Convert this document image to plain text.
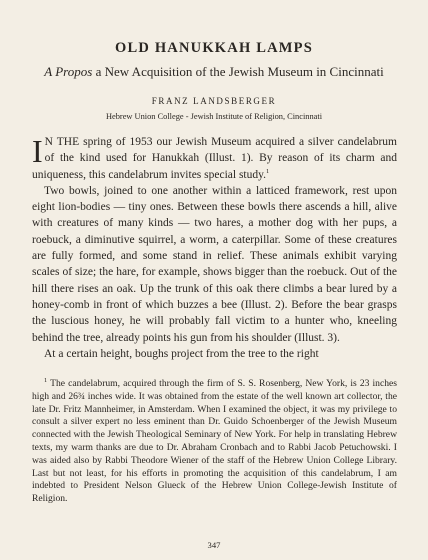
OLD HANUKKAH LAMPS

A Propos a New Acquisition of the Jewish Museum in Cincinnati

FRANZ LANDSBERGER

Hebrew Union College - Jewish Institute of Religion, Cincinnati

I N THE spring of 1953 our Jewish Museum acquired a silver candelabrum of the kind used for Hanukkah (Illust. 1). By reason of its charm and uniqueness, this candelabrum invites special study.$^1$

Two bowls, joined to one another within a latticed framework, rest upon eight lion-bodies — tiny ones. Between these bowls there ascends a hill, alive with creatures of many kinds — two hares, a mother dog with her pups, a roebuck, a diminutive squirrel, a worm, a caterpillar. Some of these creatures are fully formed, and some stand in relief. These animals exhibit varying scales of size; the hare, for example, shows bigger than the roebuck. Out of the hill there rises an oak. Up the trunk of this oak there climbs a bear lured by a honey-comb in front of which buzzes a bee (Illust. 2). Before the bear grasps the luscious honey, he will probably fall victim to a hunter who, kneeling behind the tree, already points his gun from his shoulder (Illust. 3).

At a certain height, boughs project from the tree to the right

$^1$ The candelabrum, acquired through the firm of S. S. Rosenberg, New York, is 23 inches high and 26¾ inches wide. It was obtained from the estate of the well known art collector, the late Dr. Fritz Mannheimer, in Amsterdam. When I examined the object, it was my privilege to consult a silver expert no less eminent than Dr. Guido Schoenberger of the Jewish Museum connected with the Jewish Theological Seminary of New York. For help in translating Hebrew texts, my warm thanks are due to Dr. Abraham Cronbach and to Rabbi Jacob Petuchowski. I was aided also by Rabbi Theodore Wiener of the staff of the Hebrew Union College Library. Last but not least, for his efforts in promoting the acquisition of this candelabrum, I am indebted to President Nelson Glueck of the Hebrew Union College-Jewish Institute of Religion.

347
